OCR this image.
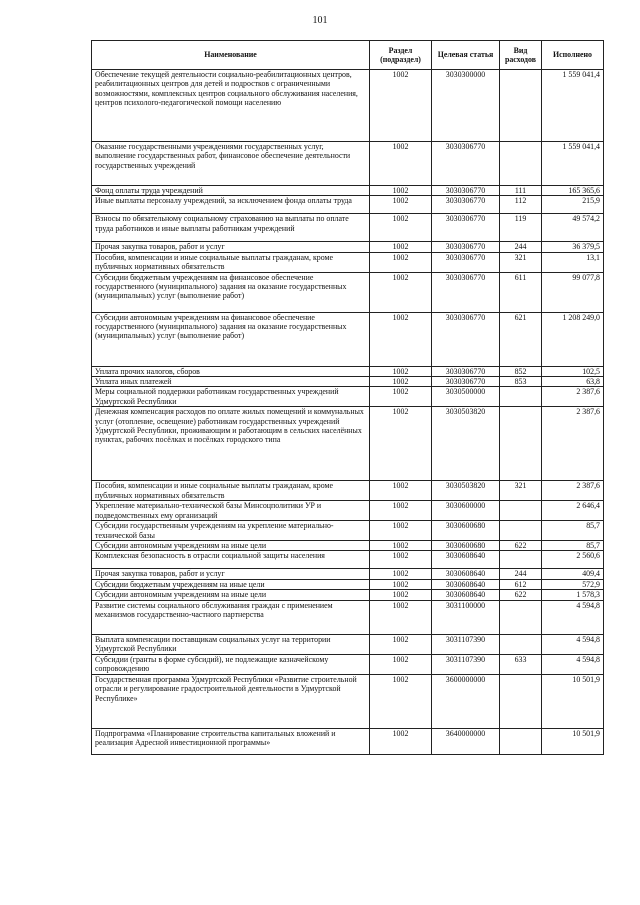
101
Наименование	Раздел (подраздел)	Целевая статья	Вид расходов	Исполнено
Обеспечение текущей деятельности социально-реабилитационных центров, реабилитационных центров для детей и подростков с ограниченными возможностями, комплексных центров социального обслуживания населения, центров психолого-педагогической помощи населению	1002	3030300000		1 559 041,4
Оказание государственными учреждениями государственных услуг, выполнение государственных работ, финансовое обеспечение деятельности государственных учреждений	1002	3030306770		1 559 041,4
Фонд оплаты труда учреждений	1002	3030306770	111	165 365,6
Иные выплаты персоналу учреждений, за исключением фонда оплаты труда	1002	3030306770	112	215,9
Взносы по обязательному социальному страхованию на выплаты по оплате труда работников и иные выплаты работникам учреждений	1002	3030306770	119	49 574,2
Прочая закупка товаров, работ и услуг	1002	3030306770	244	36 379,5
Пособия, компенсации и иные социальные выплаты гражданам, кроме публичных нормативных обязательств	1002	3030306770	321	13,1
Субсидии бюджетным учреждениям на финансовое обеспечение государственного (муниципального) задания на оказание государственных (муниципальных) услуг (выполнение работ)	1002	3030306770	611	99 077,8
Субсидии автономным учреждениям на финансовое обеспечение государственного (муниципального) задания на оказание государственных (муниципальных) услуг (выполнение работ)	1002	3030306770	621	1 208 249,0
Уплата прочих налогов, сборов	1002	3030306770	852	102,5
Уплата иных платежей	1002	3030306770	853	63,8
Меры социальной поддержки работникам государственных учреждений Удмуртской Республики	1002	3030500000		2 387,6
Денежная компенсация расходов по оплате жилых помещений и коммунальных услуг (отопление, освещение) работникам государственных учреждений Удмуртской Республики, проживающим и работающим в сельских населённых пунктах, рабочих посёлках и посёлках городского типа	1002	3030503820		2 387,6
Пособия, компенсации и иные социальные выплаты гражданам, кроме публичных нормативных обязательств	1002	3030503820	321	2 387,6
Укрепление материально-технической базы Минсоцполитики УР и подведомственных ему организаций	1002	3030600000		2 646,4
Субсидии государственным учреждениям на укрепление материально-технической базы	1002	3030600680		85,7
Субсидии автономным учреждениям на иные цели	1002	3030600680	622	85,7
Комплексная безопасность в отрасли социальной защиты населения	1002	3030608640		2 560,6
Прочая закупка товаров, работ и услуг	1002	3030608640	244	409,4
Субсидии бюджетным учреждениям на иные цели	1002	3030608640	612	572,9
Субсидии автономным учреждениям на иные цели	1002	3030608640	622	1 578,3
Развитие системы социального обслуживания граждан с применением механизмов государственно-частного партнерства	1002	3031100000		4 594,8
Выплата компенсации поставщикам социальных услуг на территории Удмуртской Республики	1002	3031107390		4 594,8
Субсидии (гранты в форме субсидий), не подлежащие казначейскому сопровождению	1002	3031107390	633	4 594,8
Государственная программа Удмуртской Республики «Развитие строительной отрасли и регулирование градостроительной деятельности в Удмуртской Республике»	1002	3600000000		10 501,9
Подпрограмма «Планирование строительства капитальных вложений и реализация Адресной инвестиционной программы»	1002	3640000000		10 501,9
